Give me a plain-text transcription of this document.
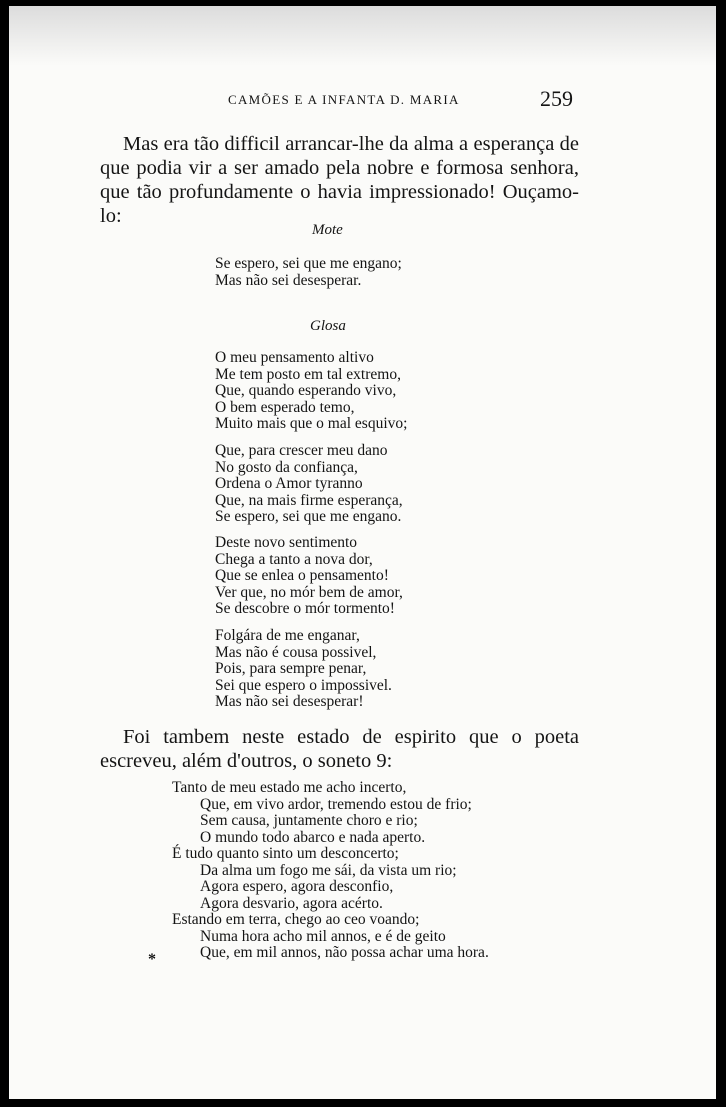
CAMÕES E A INFANTA D. MARIA	259
Mas era tão difficil arrancar-lhe da alma a esperança de que podia vir a ser amado pela nobre e formosa senhora, que tão profundamente o havia impressionado! Ouçamo-lo:
Mote
Se espero, sei que me engano;
Mas não sei desesperar.
Glosa
O meu pensamento altivo
Me tem posto em tal extremo,
Que, quando esperando vivo,
O bem esperado temo,
Muito mais que o mal esquivo;
Que, para crescer meu dano
No gosto da confiança,
Ordena o Amor tyranno
Que, na mais firme esperança,
Se espero, sei que me engano.
Deste novo sentimento
Chega a tanto a nova dor,
Que se enlea o pensamento!
Ver que, no mór bem de amor,
Se descobre o mór tormento!
Folgára de me enganar,
Mas não é cousa possivel,
Pois, para sempre penar,
Sei que espero o impossivel.
Mas não sei desesperar!
Foi tambem neste estado de espirito que o poeta escreveu, além d'outros, o soneto 9:
Tanto de meu estado me acho incerto,
Que, em vivo ardor, tremendo estou de frio;
Sem causa, juntamente choro e rio;
O mundo todo abarco e nada aperto.
É tudo quanto sinto um desconcerto;
Da alma um fogo me sái, da vista um rio;
Agora espero, agora desconfio,
Agora desvario, agora acérto.
Estando em terra, chego ao ceo voando;
Numa hora acho mil annos, e é de geito
Que, em mil annos, não possa achar uma hora.
*
